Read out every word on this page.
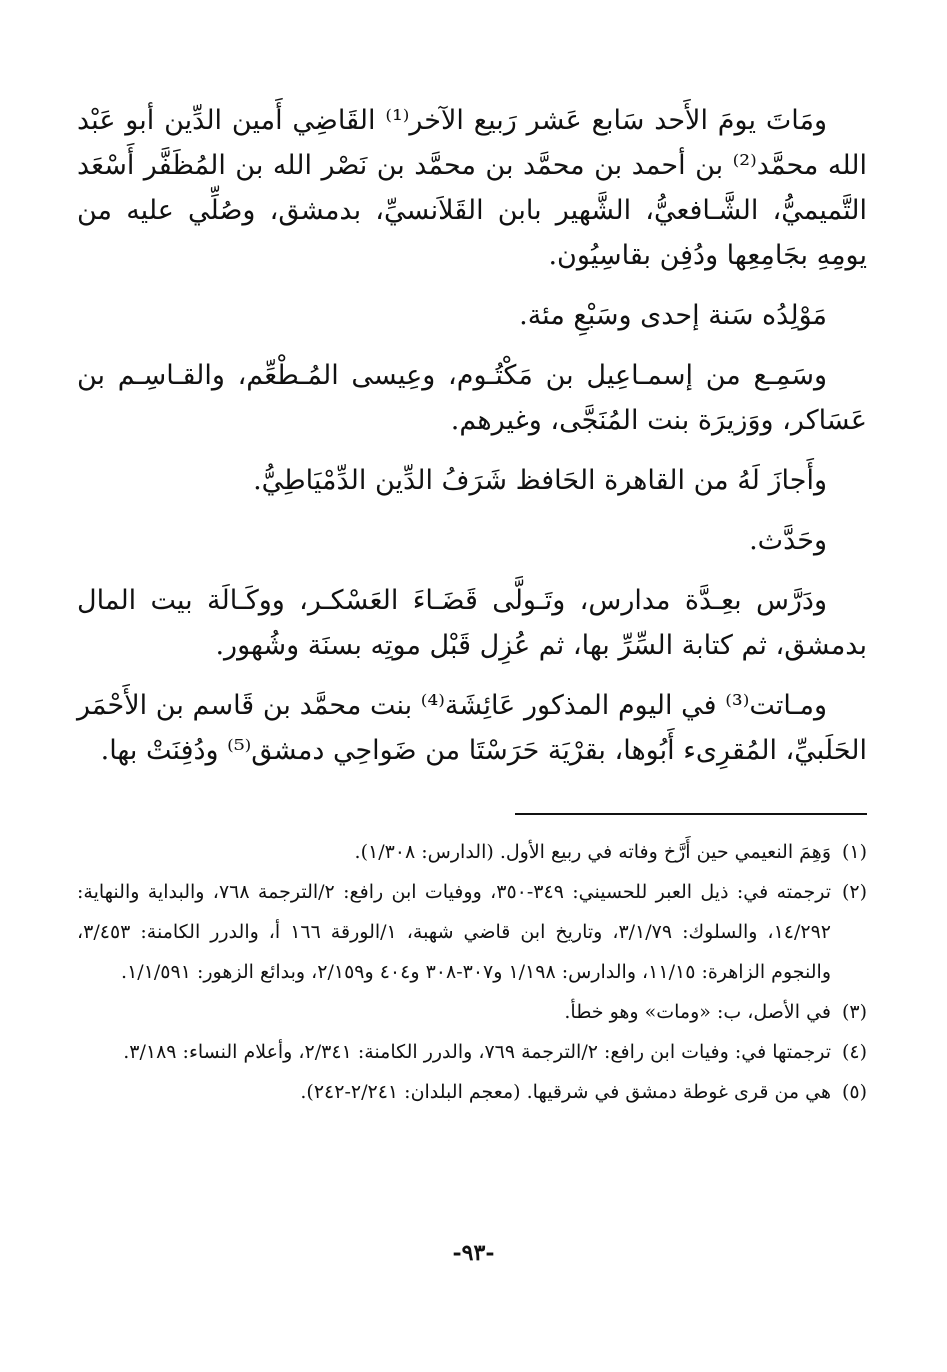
ومَاتَ يومَ الأَحد سَابع عَشر رَبيع الآخر⁽¹⁾ القَاضِي أَمين الدِّين أبو عَبْد الله محمَّد⁽²⁾ بن أحمد بن محمَّد بن محمَّد بن نَصْر الله بن المُظَفَّر أَسْعَد التَّميميُّ، الشَّـافعيُّ، الشَّهير بابن القَلاَنسيِّ، بدمشق، وصُلِّي عليه من يومِهِ بجَامِعِها ودُفِن بقاسِيُون.

مَوْلِدُه سَنة إحدى وسَبْعِ مئة.

وسَمِـع من إسمـاعِيل بن مَكْتُـوم، وعِيسى المُـطْعِّم، والقـاسِـم بن عَسَاكر، ووَزيرَة بنت المُنَجَّى، وغيرهم.

وأَجازَ لَهُ من القاهرة الحَافظ شَرَفُ الدِّين الدِّمْيَاطِيُّ.

وحَدَّث.

ودَرَّس بعِـدَّة مدارس، وتَـولَّى قَضَـاءَ العَسْكـر، ووكَـالَة بيت المال بدمشق، ثم كتابة السِّرِّ بها، ثم عُزِل قَبْل موتِه بسنَة وشُهور.

ومـاتت⁽³⁾ في اليوم المذكور عَائِشَة⁽⁴⁾ بنت محمَّد بن قَاسم بن الأَحْمَر الحَلَبيِّ، المُقرِىء أَبُوها، بقرْيَة حَرَسْتَا من ضَواحِي دمشق⁽⁵⁾ ودُفِنَتْ بها.

(١)
وَهِمَ النعيمي حين أَرَّخ وفاته في ربيع الأول. (الدارس: ١/٣٠٨).

(٢)
ترجمته في: ذيل العبر للحسيني: ٣٤٩-٣٥٠، ووفيات ابن رافع: ٢/الترجمة ٧٦٨، والبداية والنهاية: ١٤/٢٩٢، والسلوك: ٣/١/٧٩، وتاريخ ابن قاضي شهبة، ١/الورقة ١٦٦ أ، والدرر الكامنة: ٣/٤٥٣، والنجوم الزاهرة: ١١/١٥، والدارس: ١/١٩٨ و٣٠٧-٣٠٨ و٤٠٤ و٢/١٥٩، وبدائع الزهور: ١/١/٥٩١.

(٣)
في الأصل، ب: «ومات» وهو خطأ.

(٤)
ترجمتها في: وفيات ابن رافع: ٢/الترجمة ٧٦٩، والدرر الكامنة: ٢/٣٤١، وأعلام النساء: ٣/١٨٩.

(٥)
هي من قرى غوطة دمشق في شرقيها. (معجم البلدان: ٢/٢٤١-٢٤٢).

-٩٣-
